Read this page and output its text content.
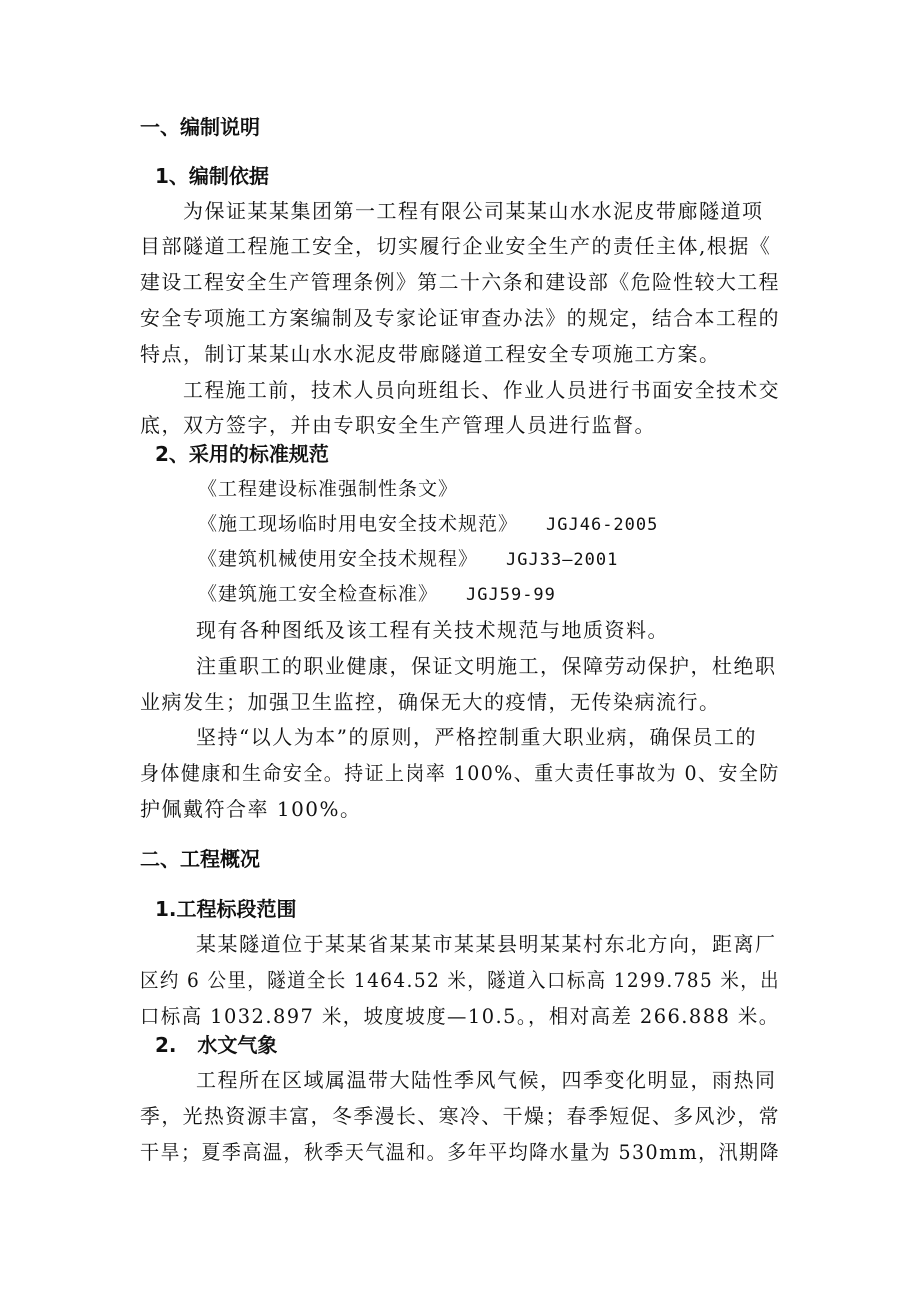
一、编制说明
1、编制依据
为保证某某集团第一工程有限公司某某山水水泥皮带廊隧道项
目部隧道工程施工安全，切实履行企业安全生产的责任主体,根据《
建设工程安全生产管理条例》第二十六条和建设部《危险性较大工程
安全专项施工方案编制及专家论证审查办法》的规定，结合本工程的
特点，制订某某山水水泥皮带廊隧道工程安全专项施工方案。
工程施工前，技术人员向班组长、作业人员进行书面安全技术交
底，双方签字，并由专职安全生产管理人员进行监督。
2、采用的标准规范
《工程建设标准强制性条文》
《施工现场临时用电安全技术规范》 JGJ46-2005
《建筑机械使用安全技术规程》 JGJ33—2001
《建筑施工安全检查标准》 JGJ59-99
现有各种图纸及该工程有关技术规范与地质资料。
注重职工的职业健康，保证文明施工，保障劳动保护，杜绝职
业病发生；加强卫生监控，确保无大的疫情，无传染病流行。
坚持“以人为本”的原则，严格控制重大职业病，确保员工的
身体健康和生命安全。持证上岗率 100%、重大责任事故为 0、安全防
护佩戴符合率 100%。
二、工程概况
1.工程标段范围
某某隧道位于某某省某某市某某县明某某村东北方向，距离厂
区约 6 公里，隧道全长 1464.52 米，隧道入口标高 1299.785 米，出
口标高 1032.897 米，坡度坡度—10.5。，相对高差 266.888 米。
2.   水文气象
工程所在区域属温带大陆性季风气候，四季变化明显，雨热同
季，光热资源丰富，冬季漫长、寒冷、干燥；春季短促、多风沙，常
干旱；夏季高温，秋季天气温和。多年平均降水量为 530mm，汛期降
